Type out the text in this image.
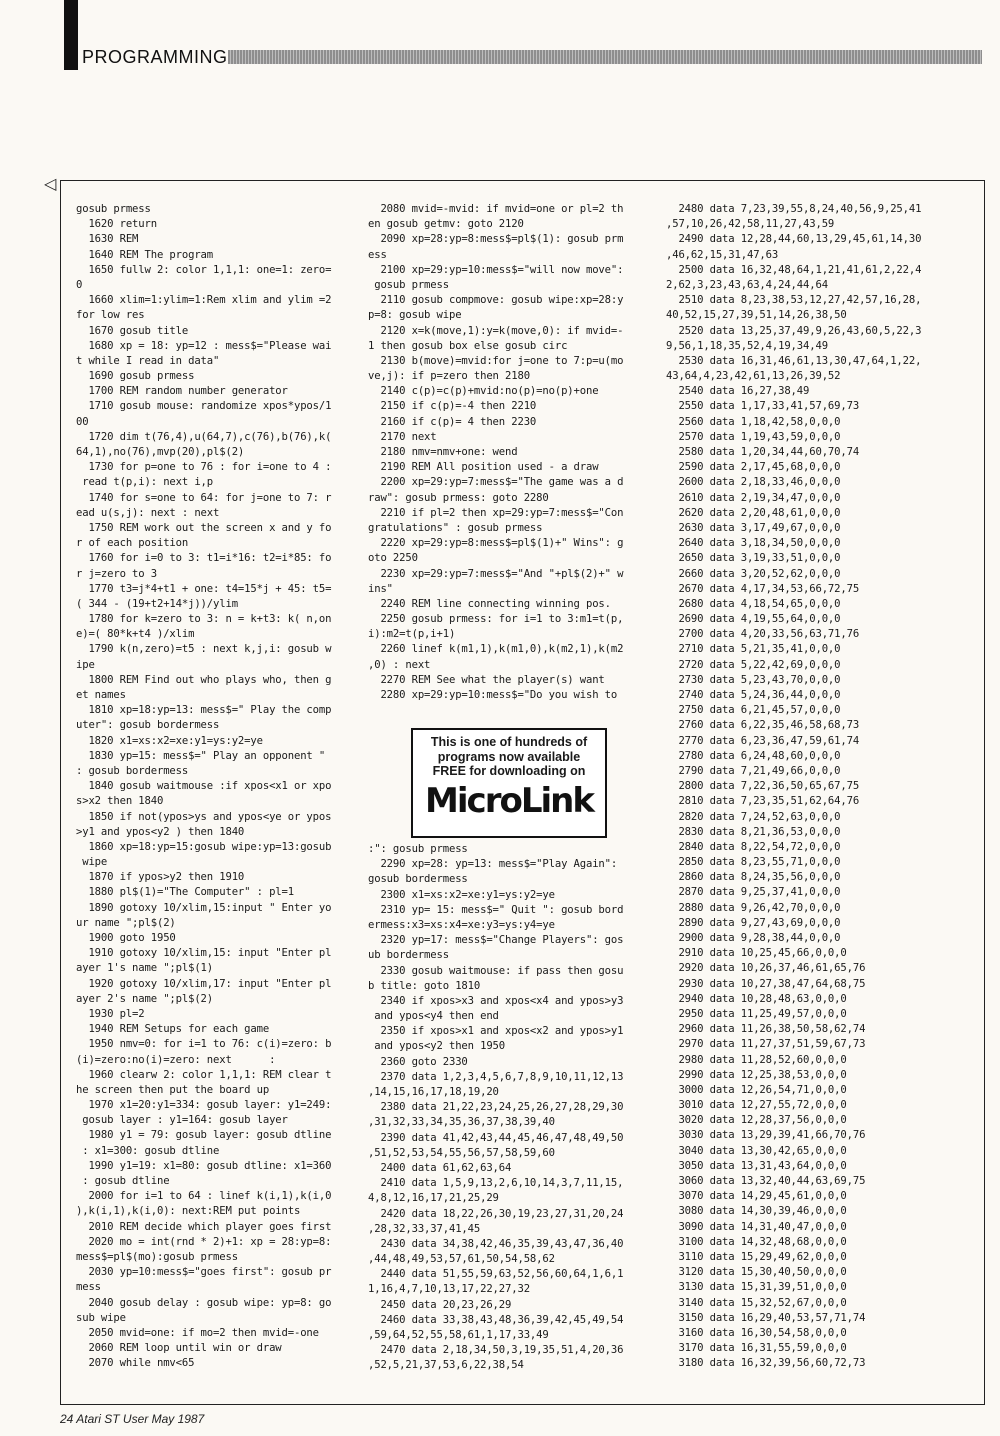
PROGRAMMING
◁
gosub prmess
1620 return
1630 REM
1640 REM The program
1650 fullw 2: color 1,1,1: one=1: zero=
0
1660 xlim=1:ylim=1:Rem xlim and ylim =2
for low res
1670 gosub title
1680 xp = 18: yp=12 : mess$="Please wai
t while I read in data"
1690 gosub prmess
1700 REM random number generator
1710 gosub mouse: randomize xpos*ypos/1
00
1720 dim t(76,4),u(64,7),c(76),b(76),k(
64,1),no(76),mvp(20),pl$(2)
1730 for p=one to 76 : for i=one to 4 :
read t(p,i): next i,p
1740 for s=one to 64: for j=one to 7: r
ead u(s,j): next : next
1750 REM work out the screen x and y fo
r of each position
1760 for i=0 to 3: t1=i*16: t2=i*85: fo
r j=zero to 3
1770 t3=j*4+t1 + one: t4=15*j + 45: t5=
( 344 - (19+t2+14*j))/ylim
1780 for k=zero to 3: n = k+t3: k( n,on
e)=( 80*k+t4 )/xlim
1790 k(n,zero)=t5 : next k,j,i: gosub w
ipe
1800 REM Find out who plays who, then g
et names
1810 xp=18:yp=13: mess$=" Play the comp
uter": gosub bordermess
1820 x1=xs:x2=xe:y1=ys:y2=ye
1830 yp=15: mess$=" Play an opponent "
: gosub bordermess
1840 gosub waitmouse :if xpos<x1 or xpo
s>x2 then 1840
1850 if not(ypos>ys and ypos<ye or ypos
>y1 and ypos<y2 ) then 1840
1860 xp=18:yp=15:gosub wipe:yp=13:gosub
wipe
1870 if ypos>y2 then 1910
1880 pl$(1)="The Computer" : pl=1
1890 gotoxy 10/xlim,15:input " Enter yo
ur name ";pl$(2)
1900 goto 1950
1910 gotoxy 10/xlim,15: input "Enter pl
ayer 1's name ";pl$(1)
1920 gotoxy 10/xlim,17: input "Enter pl
ayer 2's name ";pl$(2)
1930 pl=2
1940 REM Setups for each game
1950 nmv=0: for i=1 to 76: c(i)=zero: b
(i)=zero:no(i)=zero: next      :
1960 clearw 2: color 1,1,1: REM clear t
he screen then put the board up
1970 x1=20:y1=334: gosub layer: y1=249:
gosub layer : y1=164: gosub layer
1980 y1 = 79: gosub layer: gosub dtline
: x1=300: gosub dtline
1990 y1=19: x1=80: gosub dtline: x1=360
: gosub dtline
2000 for i=1 to 64 : linef k(i,1),k(i,0
),k(i,1),k(i,0): next:REM put points
2010 REM decide which player goes first
2020 mo = int(rnd * 2)+1: xp = 28:yp=8:
mess$=pl$(mo):gosub prmess
2030 yp=10:mess$="goes first": gosub pr
mess
2040 gosub delay : gosub wipe: yp=8: go
sub wipe
2050 mvid=one: if mo=2 then mvid=-one
2060 REM loop until win or draw
2070 while nmv<65
2080 mvid=-mvid: if mvid=one or pl=2 th
en gosub getmv: goto 2120
2090 xp=28:yp=8:mess$=pl$(1): gosub prm
ess
2100 xp=29:yp=10:mess$="will now move":
gosub prmess
2110 gosub compmove: gosub wipe:xp=28:y
p=8: gosub wipe
2120 x=k(move,1):y=k(move,0): if mvid=-
1 then gosub box else gosub circ
2130 b(move)=mvid:for j=one to 7:p=u(mo
ve,j): if p=zero then 2180
2140 c(p)=c(p)+mvid:no(p)=no(p)+one
2150 if c(p)=-4 then 2210
2160 if c(p)= 4 then 2230
2170 next
2180 nmv=nmv+one: wend
2190 REM All position used - a draw
2200 xp=29:yp=7:mess$="The game was a d
raw": gosub prmess: goto 2280
2210 if pl=2 then xp=29:yp=7:mess$="Con
gratulations" : gosub prmess
2220 xp=29:yp=8:mess$=pl$(1)+" Wins": g
oto 2250
2230 xp=29:yp=7:mess$="And "+pl$(2)+" w
ins"
2240 REM line connecting winning pos.
2250 gosub prmess: for i=1 to 3:m1=t(p,
i):m2=t(p,i+1)
2260 linef k(m1,1),k(m1,0),k(m2,1),k(m2
,0) : next
2270 REM See what the player(s) want
2280 xp=29:yp=10:mess$="Do you wish to
This is one of hundreds of
programs now available
FREE for downloading on
MicroLink
:": gosub prmess
2290 xp=28: yp=13: mess$="Play Again":
gosub bordermess
2300 x1=xs:x2=xe:y1=ys:y2=ye
2310 yp= 15: mess$=" Quit ": gosub bord
ermess:x3=xs:x4=xe:y3=ys:y4=ye
2320 yp=17: mess$="Change Players": gos
ub bordermess
2330 gosub waitmouse: if pass then gosu
b title: goto 1810
2340 if xpos>x3 and xpos<x4 and ypos>y3
and ypos<y4 then end
2350 if xpos>x1 and xpos<x2 and ypos>y1
and ypos<y2 then 1950
2360 goto 2330
2370 data 1,2,3,4,5,6,7,8,9,10,11,12,13
,14,15,16,17,18,19,20
2380 data 21,22,23,24,25,26,27,28,29,30
,31,32,33,34,35,36,37,38,39,40
2390 data 41,42,43,44,45,46,47,48,49,50
,51,52,53,54,55,56,57,58,59,60
2400 data 61,62,63,64
2410 data 1,5,9,13,2,6,10,14,3,7,11,15,
4,8,12,16,17,21,25,29
2420 data 18,22,26,30,19,23,27,31,20,24
,28,32,33,37,41,45
2430 data 34,38,42,46,35,39,43,47,36,40
,44,48,49,53,57,61,50,54,58,62
2440 data 51,55,59,63,52,56,60,64,1,6,1
1,16,4,7,10,13,17,22,27,32
2450 data 20,23,26,29
2460 data 33,38,43,48,36,39,42,45,49,54
,59,64,52,55,58,61,1,17,33,49
2470 data 2,18,34,50,3,19,35,51,4,20,36
,52,5,21,37,53,6,22,38,54
2480 data 7,23,39,55,8,24,40,56,9,25,41
,57,10,26,42,58,11,27,43,59
2490 data 12,28,44,60,13,29,45,61,14,30
,46,62,15,31,47,63
2500 data 16,32,48,64,1,21,41,61,2,22,4
2,62,3,23,43,63,4,24,44,64
2510 data 8,23,38,53,12,27,42,57,16,28,
40,52,15,27,39,51,14,26,38,50
2520 data 13,25,37,49,9,26,43,60,5,22,3
9,56,1,18,35,52,4,19,34,49
2530 data 16,31,46,61,13,30,47,64,1,22,
43,64,4,23,42,61,13,26,39,52
2540 data 16,27,38,49
2550 data 1,17,33,41,57,69,73
2560 data 1,18,42,58,0,0,0
2570 data 1,19,43,59,0,0,0
2580 data 1,20,34,44,60,70,74
2590 data 2,17,45,68,0,0,0
2600 data 2,18,33,46,0,0,0
2610 data 2,19,34,47,0,0,0
2620 data 2,20,48,61,0,0,0
2630 data 3,17,49,67,0,0,0
2640 data 3,18,34,50,0,0,0
2650 data 3,19,33,51,0,0,0
2660 data 3,20,52,62,0,0,0
2670 data 4,17,34,53,66,72,75
2680 data 4,18,54,65,0,0,0
2690 data 4,19,55,64,0,0,0
2700 data 4,20,33,56,63,71,76
2710 data 5,21,35,41,0,0,0
2720 data 5,22,42,69,0,0,0
2730 data 5,23,43,70,0,0,0
2740 data 5,24,36,44,0,0,0
2750 data 6,21,45,57,0,0,0
2760 data 6,22,35,46,58,68,73
2770 data 6,23,36,47,59,61,74
2780 data 6,24,48,60,0,0,0
2790 data 7,21,49,66,0,0,0
2800 data 7,22,36,50,65,67,75
2810 data 7,23,35,51,62,64,76
2820 data 7,24,52,63,0,0,0
2830 data 8,21,36,53,0,0,0
2840 data 8,22,54,72,0,0,0
2850 data 8,23,55,71,0,0,0
2860 data 8,24,35,56,0,0,0
2870 data 9,25,37,41,0,0,0
2880 data 9,26,42,70,0,0,0
2890 data 9,27,43,69,0,0,0
2900 data 9,28,38,44,0,0,0
2910 data 10,25,45,66,0,0,0
2920 data 10,26,37,46,61,65,76
2930 data 10,27,38,47,64,68,75
2940 data 10,28,48,63,0,0,0
2950 data 11,25,49,57,0,0,0
2960 data 11,26,38,50,58,62,74
2970 data 11,27,37,51,59,67,73
2980 data 11,28,52,60,0,0,0
2990 data 12,25,38,53,0,0,0
3000 data 12,26,54,71,0,0,0
3010 data 12,27,55,72,0,0,0
3020 data 12,28,37,56,0,0,0
3030 data 13,29,39,41,66,70,76
3040 data 13,30,42,65,0,0,0
3050 data 13,31,43,64,0,0,0
3060 data 13,32,40,44,63,69,75
3070 data 14,29,45,61,0,0,0
3080 data 14,30,39,46,0,0,0
3090 data 14,31,40,47,0,0,0
3100 data 14,32,48,68,0,0,0
3110 data 15,29,49,62,0,0,0
3120 data 15,30,40,50,0,0,0
3130 data 15,31,39,51,0,0,0
3140 data 15,32,52,67,0,0,0
3150 data 16,29,40,53,57,71,74
3160 data 16,30,54,58,0,0,0
3170 data 16,31,55,59,0,0,0
3180 data 16,32,39,56,60,72,73
24 Atari ST User May 1987
